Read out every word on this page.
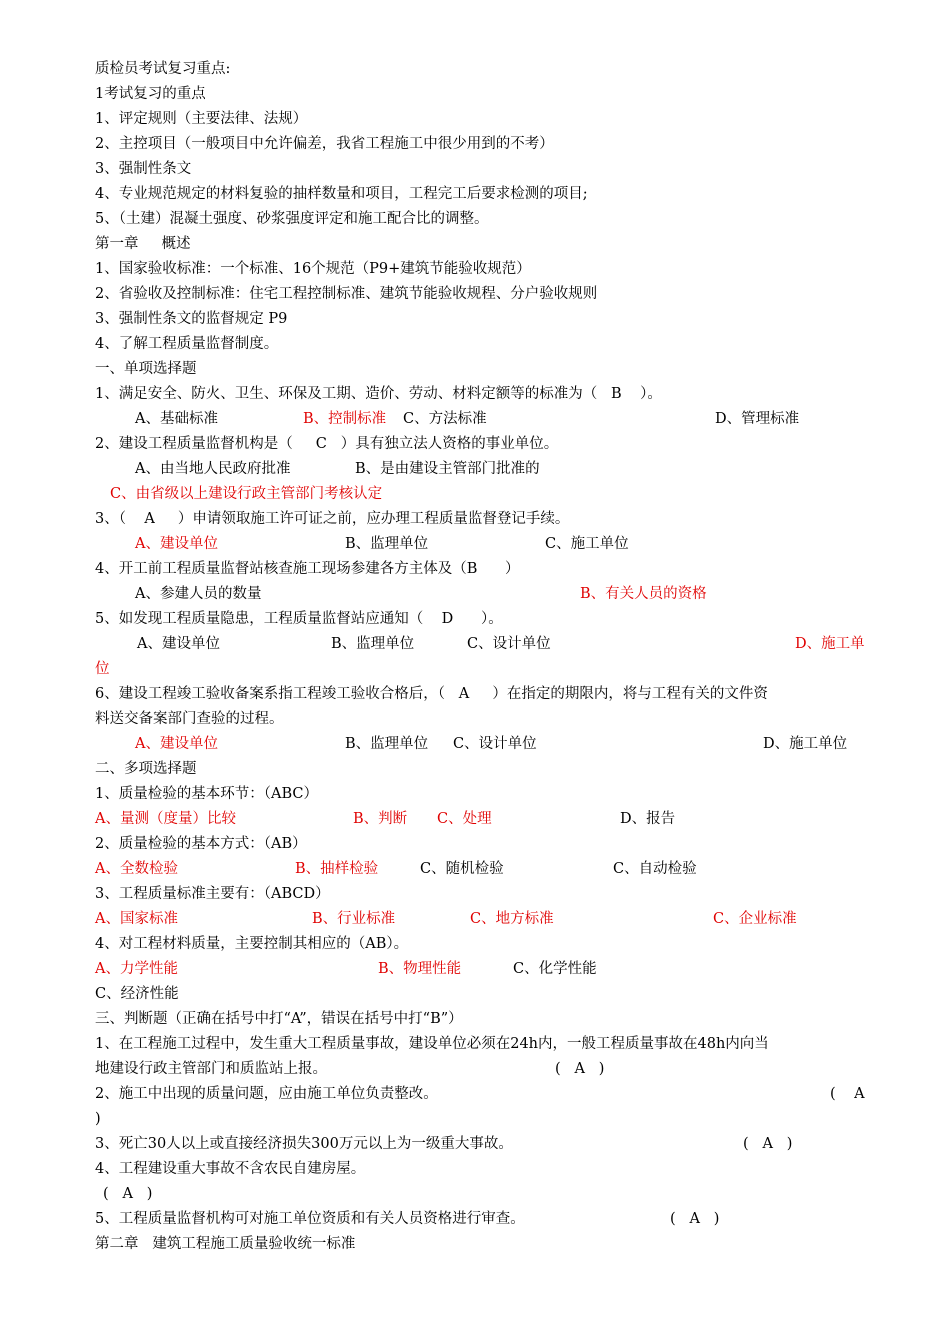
质检员考试复习重点:
1考试复习的重点
1、评定规则（主要法律、法规）
2、主控项目（一般项目中允许偏差，我省工程施工中很少用到的不考）
3、强制性条文
4、专业规范规定的材料复验的抽样数量和项目，工程完工后要求检测的项目;
5、（土建）混凝土强度、砂浆强度评定和施工配合比的调整。
第一章     概述
1、国家验收标准：一个标准、16个规范（P9+建筑节能验收规范）
2、省验收及控制标准：住宅工程控制标准、建筑节能验收规程、分户验收规则
3、强制性条文的监督规定 P9
4、了解工程质量监督制度。
一、单项选择题
1、满足安全、防火、卫生、环保及工期、造价、劳动、材料定额等的标准为（   B    ）。

A、基础标准

	B、控制标准

C、方法标准

	D、管理标准

2、建设工程质量监督机构是（     C   ）具有独立法人资格的事业单位。

A、由当地人民政府批准

	B、是由建设主管部门批准的

C、由省级以上建设行政主管部门考核认定
3、（    A     ）申请领取施工许可证之前，应办理工程质量监督登记手续。

A、建设单位

	B、监理单位

	C、施工单位

4、开工前工程质量监督站核查施工现场参建各方主体及（B      ）

A、参建人员的数量

	B、有关人员的资格

5、如发现工程质量隐患，工程质量监督站应通知（    D      ）。

A、建设单位

	B、监理单位

	C、设计单位

	D、施工单

位
6、建设工程竣工验收备案系指工程竣工验收合格后，（   A     ）在指定的期限内，将与工程有关的文件资
料送交备案部门查验的过程。

A、建设单位

	B、监理单位

C、设计单位

	D、施工单位

二、多项选择题
1、质量检验的基本环节：（ABC）

A、量测（度量）比较

	B、判断

C、处理

	D、报告

2、质量检验的基本方式：（AB）

A、全数检验

	B、抽样检验

	C、随机检验

	C、自动检验

3、工程质量标准主要有：（ABCD）

A、国家标准

	B、行业标准

	C、地方标准

	C、企业标准

4、对工程材料质量，主要控制其相应的（AB）。

A、力学性能

	B、物理性能

	C、化学性能

C、经济性能
三、判断题（正确在括号中打“A”，错误在括号中打“B”）
1、在工程施工过程中，发生重大工程质量事故，建设单位必须在24h内，一般工程质量事故在48h内向当

地建设行政主管部门和质监站上报。

	(   A   )

2、施工中出现的质量问题，应由施工单位负责整改。

	(    A

)

3、死亡30人以上或直接经济损失300万元以上为一级重大事故。

	(   A   )

4、工程建设重大事故不含农民自建房屋。
(   A   )

5、工程质量监督机构可对施工单位资质和有关人员资格进行审查。

	(   A   )

第二章   建筑工程施工质量验收统一标准
